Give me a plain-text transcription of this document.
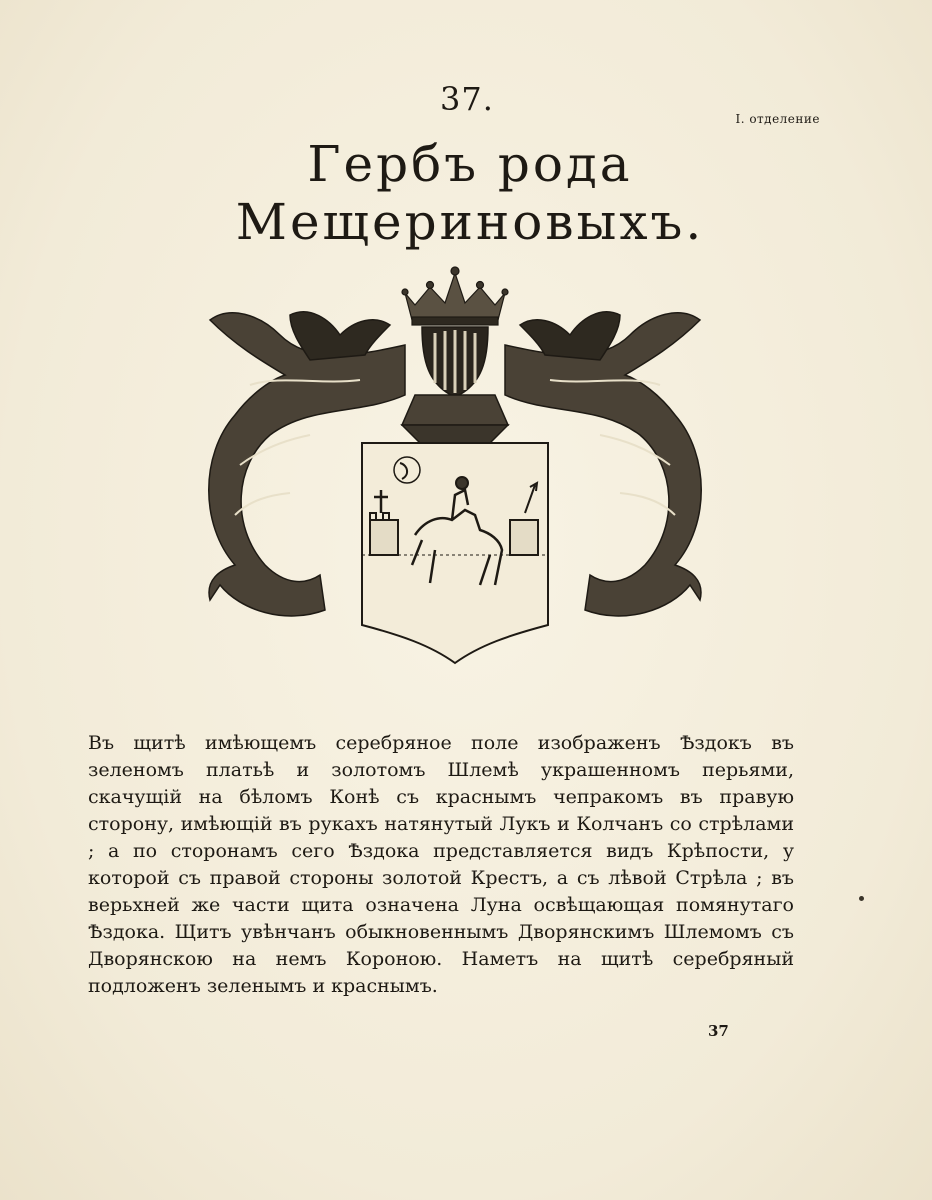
37.
I. отделение
Гербъ рода Мещериновыхъ.

Въ щитѣ имѣющемъ серебряное поле изображенъ Ѣздокъ въ зеленомъ платьѣ и золотомъ Шлемѣ украшенномъ перьями, скачущій на бѣломъ Конѣ съ краснымъ чепракомъ въ правую сторону, имѣющій въ рукахъ натянутый Лукъ и Колчанъ со стрѣлами ; а по сторонамъ сего Ѣздока представляется видъ Крѣпости, у которой съ правой стороны золотой Крестъ, а съ лѣвой Стрѣла ; въ верьхней же части щита означена Луна освѣщающая помянутаго Ѣздока. Щитъ увѣнчанъ обыкновеннымъ Дворянскимъ Шлемомъ съ Дворянскою на немъ Короною. Наметъ на щитѣ серебряный подложенъ зеленымъ и краснымъ.

37
